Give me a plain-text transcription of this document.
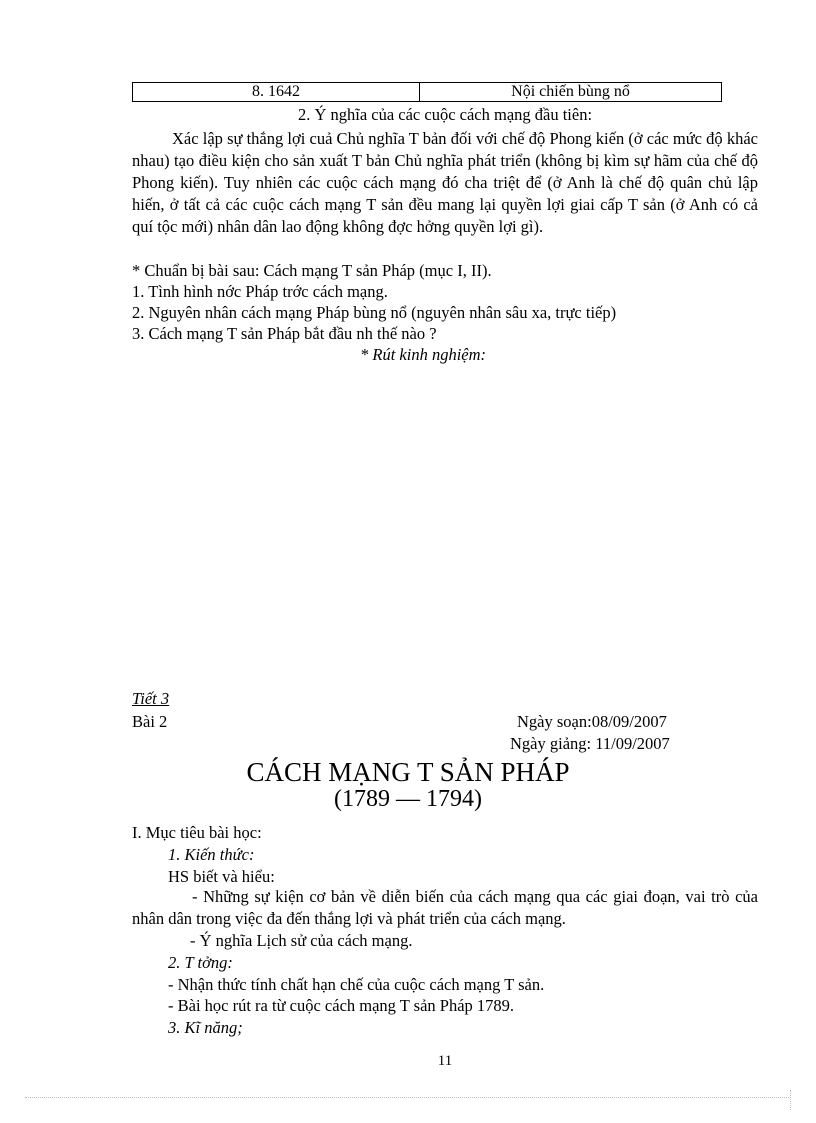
8. 1642	Nội chiến bùng nổ
2. Ý nghĩa của các cuộc cách mạng đầu tiên:
Xác lập sự thắng lợi cuả Chủ nghĩa T bản đối với chế độ Phong kiến (ở các mức độ khác nhau) tạo điều kiện cho sản xuất T bản Chủ nghĩa phát triển (không bị kìm sự hãm của chế độ Phong kiến). Tuy nhiên các cuộc cách mạng đó cha triệt để (ở Anh là chế độ quân chủ lập hiến, ở tất cả các cuộc cách mạng T sản đều mang lại quyền lợi giai cấp T sản (ở Anh có cả quí tộc mới) nhân dân lao động không đợc hởng quyền lợi gì).
* Chuẩn bị bài sau: Cách mạng T sản Pháp (mục I, II).
1. Tình hình nớc Pháp trớc cách mạng.
2. Nguyên nhân cách mạng Pháp bùng nổ (nguyên nhân sâu xa, trực tiếp)
3. Cách mạng T sản Pháp bắt đầu nh thế nào ?
* Rút kinh nghiệm:
Tiết 3
Bài 2	Ngày soạn:08/09/2007
Ngày giảng: 11/09/2007
CÁCH MẠNG T SẢN PHÁP
(1789 — 1794)
I. Mục tiêu bài học:
1. Kiến thức:
HS biết và hiểu:
- Những sự kiện cơ bản về diễn biến của cách mạng qua các giai đoạn, vai trò của nhân dân trong việc đa đến thắng lợi và phát triển của cách mạng.
- Ý nghĩa Lịch sử của cách mạng.
2. T tởng:
- Nhận thức tính chất hạn chế của cuộc cách mạng T sản.
- Bài học rút ra từ cuộc cách mạng T sản Pháp 1789.
3. Kĩ năng;
11
